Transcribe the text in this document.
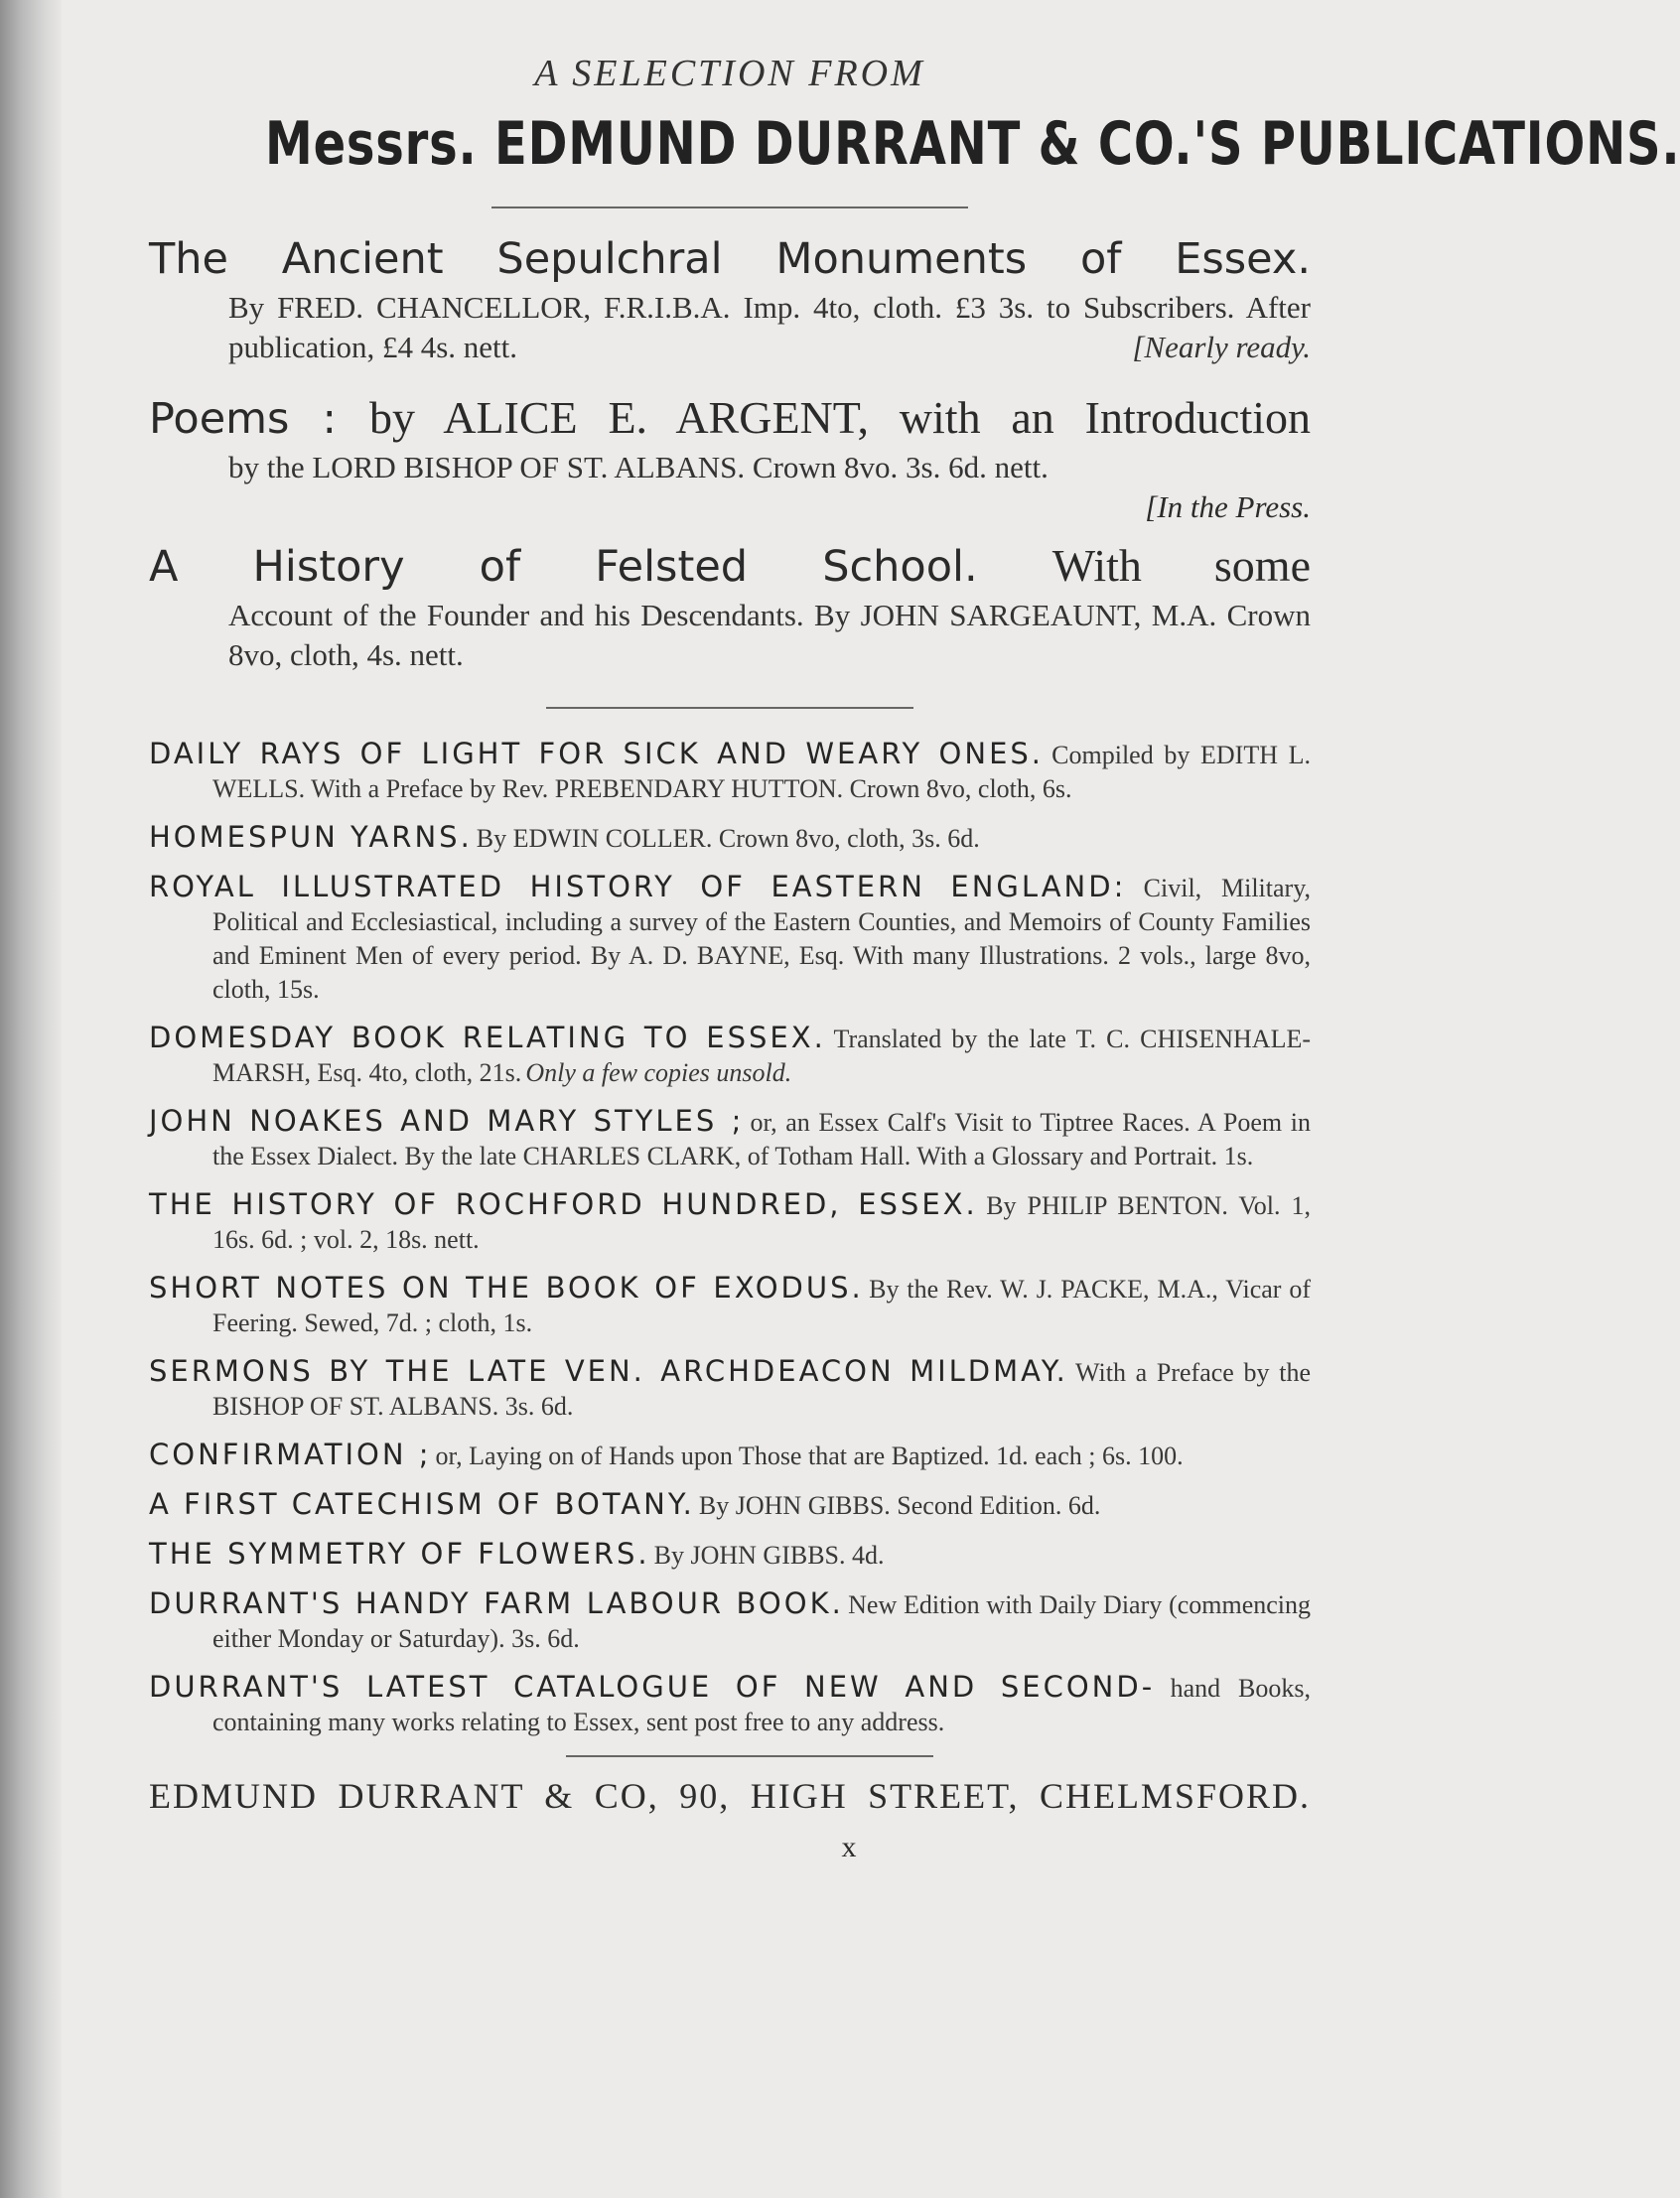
A SELECTION FROM

Messrs. EDMUND DURRANT & CO.'S PUBLICATIONS.
The Ancient Sepulchral Monuments of Essex.
By FRED. CHANCELLOR, F.R.I.B.A. Imp. 4to, cloth. £3 3s. to Subscribers. After publication, £4 4s. nett.	[Nearly ready.
Poems : by ALICE E. ARGENT, with an Introduction
by the LORD BISHOP OF ST. ALBANS. Crown 8vo. 3s. 6d. nett.
[In the Press.
A History of Felsted School. With some
Account of the Founder and his Descendants. By JOHN SARGEAUNT, M.A. Crown 8vo, cloth, 4s. nett.

DAILY RAYS OF LIGHT FOR SICK AND WEARY ONES. Compiled by EDITH L. WELLS. With a Preface by Rev. PREBENDARY HUTTON. Crown 8vo, cloth, 6s.

HOMESPUN YARNS. By EDWIN COLLER. Crown 8vo, cloth, 3s. 6d.

ROYAL ILLUSTRATED HISTORY OF EASTERN ENGLAND: Civil, Military, Political and Ecclesiastical, including a survey of the Eastern Counties, and Memoirs of County Families and Eminent Men of every period. By A. D. BAYNE, Esq. With many Illustrations. 2 vols., large 8vo, cloth, 15s.

DOMESDAY BOOK RELATING TO ESSEX. Translated by the late T. C. CHISENHALE-MARSH, Esq. 4to, cloth, 21s. Only a few copies unsold.

JOHN NOAKES AND MARY STYLES ; or, an Essex Calf's Visit to Tiptree Races. A Poem in the Essex Dialect. By the late CHARLES CLARK, of Totham Hall. With a Glossary and Portrait. 1s.

THE HISTORY OF ROCHFORD HUNDRED, ESSEX. By PHILIP BENTON. Vol. 1, 16s. 6d. ; vol. 2, 18s. nett.

SHORT NOTES ON THE BOOK OF EXODUS. By the Rev. W. J. PACKE, M.A., Vicar of Feering. Sewed, 7d. ; cloth, 1s.

SERMONS BY THE LATE VEN. ARCHDEACON MILDMAY. With a Preface by the BISHOP OF ST. ALBANS. 3s. 6d.

CONFIRMATION ; or, Laying on of Hands upon Those that are Baptized. 1d. each ; 6s. 100.

A FIRST CATECHISM OF BOTANY. By JOHN GIBBS. Second Edition. 6d.

THE SYMMETRY OF FLOWERS. By JOHN GIBBS. 4d.

DURRANT'S HANDY FARM LABOUR BOOK. New Edition with Daily Diary (commencing either Monday or Saturday). 3s. 6d.

DURRANT'S LATEST CATALOGUE OF NEW AND SECOND- hand Books, containing many works relating to Essex, sent post free to any address.

EDMUND DURRANT & CO, 90, HIGH STREET, CHELMSFORD.
x
